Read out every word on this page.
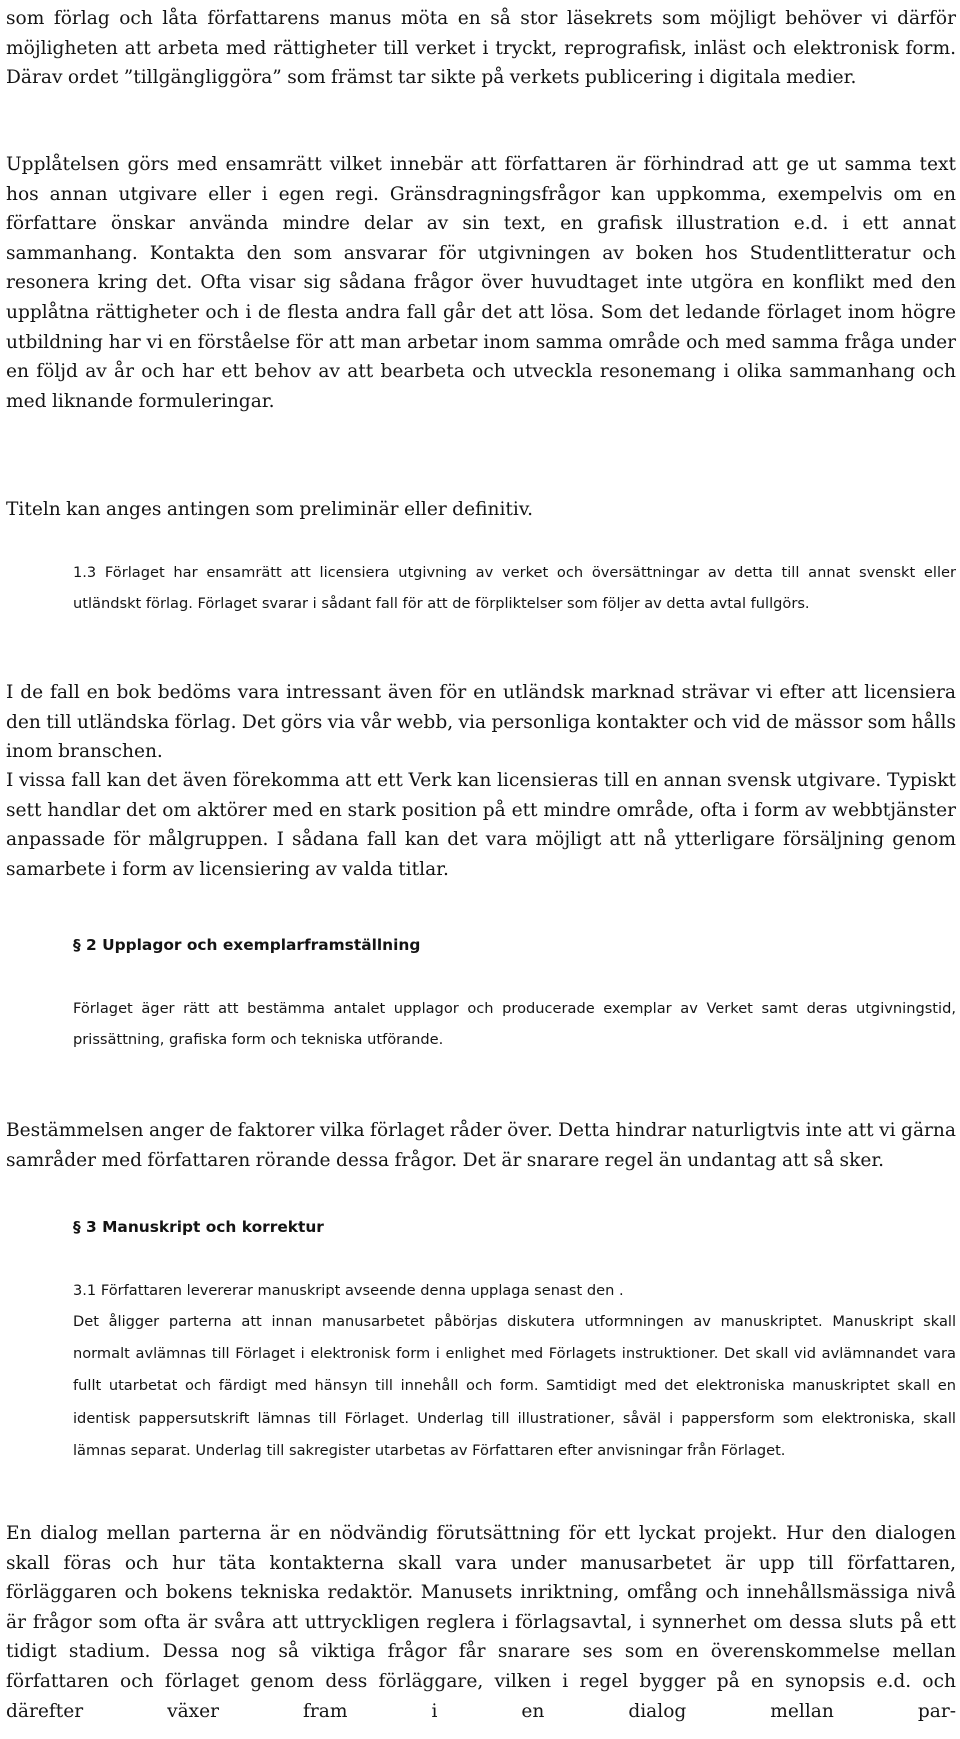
som förlag och låta författarens manus möta en så stor läsekrets som möjligt behöver vi därför möjligheten att arbeta med rättigheter till verket i tryckt, reprografisk, inläst och elektronisk form. Därav ordet ”tillgängliggöra” som främst tar sikte på verkets publicering i digitala medier.

Upplåtelsen görs med ensamrätt vilket innebär att författaren är förhindrad att ge ut samma text hos annan utgivare eller i egen regi. Gränsdragningsfrågor kan uppkomma, exempelvis om en författare önskar använda mindre delar av sin text, en grafisk illustration e.d. i ett annat sammanhang. Kontakta den som ansvarar för utgivningen av boken hos Studentlitteratur och resonera kring det. Ofta visar sig sådana frågor över huvudtaget inte utgöra en konflikt med den upplåtna rättigheter och i de flesta andra fall går det att lösa. Som det ledande förlaget inom högre utbildning har vi en förståelse för att man arbetar inom samma område och med samma fråga under en följd av år och har ett behov av att bearbeta och utveckla resonemang i olika sammanhang och med liknande formuleringar.

Titeln kan anges antingen som preliminär eller definitiv.

1.3 Förlaget har ensamrätt att licensiera utgivning av verket och översättningar av detta till annat svenskt eller utländskt förlag. Förlaget svarar i sådant fall för att de förpliktelser som följer av detta avtal fullgörs.

I de fall en bok bedöms vara intressant även för en utländsk marknad strävar vi efter att licensiera den till utländska förlag. Det görs via vår webb, via personliga kontakter och vid de mässor som hålls inom branschen.

I vissa fall kan det även förekomma att ett Verk kan licensieras till en annan svensk utgivare. Typiskt sett handlar det om aktörer med en stark position på ett mindre område, ofta i form av webbtjänster anpassade för målgruppen. I sådana fall kan det vara möjligt att nå ytterligare försäljning genom samarbete i form av licensiering av valda titlar.

§ 2 Upplagor och exemplarframställning

Förlaget äger rätt att bestämma antalet upplagor och producerade exemplar av Verket samt deras utgivningstid, prissättning, grafiska form och tekniska utförande.

Bestämmelsen anger de faktorer vilka förlaget råder över. Detta hindrar naturligtvis inte att vi gärna samråder med författaren rörande dessa frågor. Det är snarare regel än undantag att så sker.

§ 3 Manuskript och korrektur

3.1 Författaren levererar manuskript avseende denna upplaga senast den .

Det åligger parterna att innan manusarbetet påbörjas diskutera utformningen av manuskriptet. Manuskript skall normalt avlämnas till Förlaget i elektronisk form i enlighet med Förlagets instruktioner. Det skall vid avlämnandet vara fullt utarbetat och färdigt med hänsyn till innehåll och form. Samtidigt med det elektroniska manuskriptet skall en identisk pappersutskrift lämnas till Förlaget. Underlag till illustrationer, såväl i pappersform som elektroniska, skall lämnas separat. Underlag till sakregister utarbetas av Författaren efter anvisningar från Förlaget.

En dialog mellan parterna är en nödvändig förutsättning för ett lyckat projekt. Hur den dialogen skall föras och hur täta kontakterna skall vara under manusarbetet är upp till författaren, förläggaren och bokens tekniska redaktör. Manusets inriktning, omfång och innehållsmässiga nivå är frågor som ofta är svåra att uttryckligen reglera i förlagsavtal, i synnerhet om dessa sluts på ett tidigt stadium. Dessa nog så viktiga frågor får snarare ses som en överenskommelse mellan författaren och förlaget genom dess förläggare, vilken i regel bygger på en synopsis e.d. och därefter växer fram i en dialog mellan par-
